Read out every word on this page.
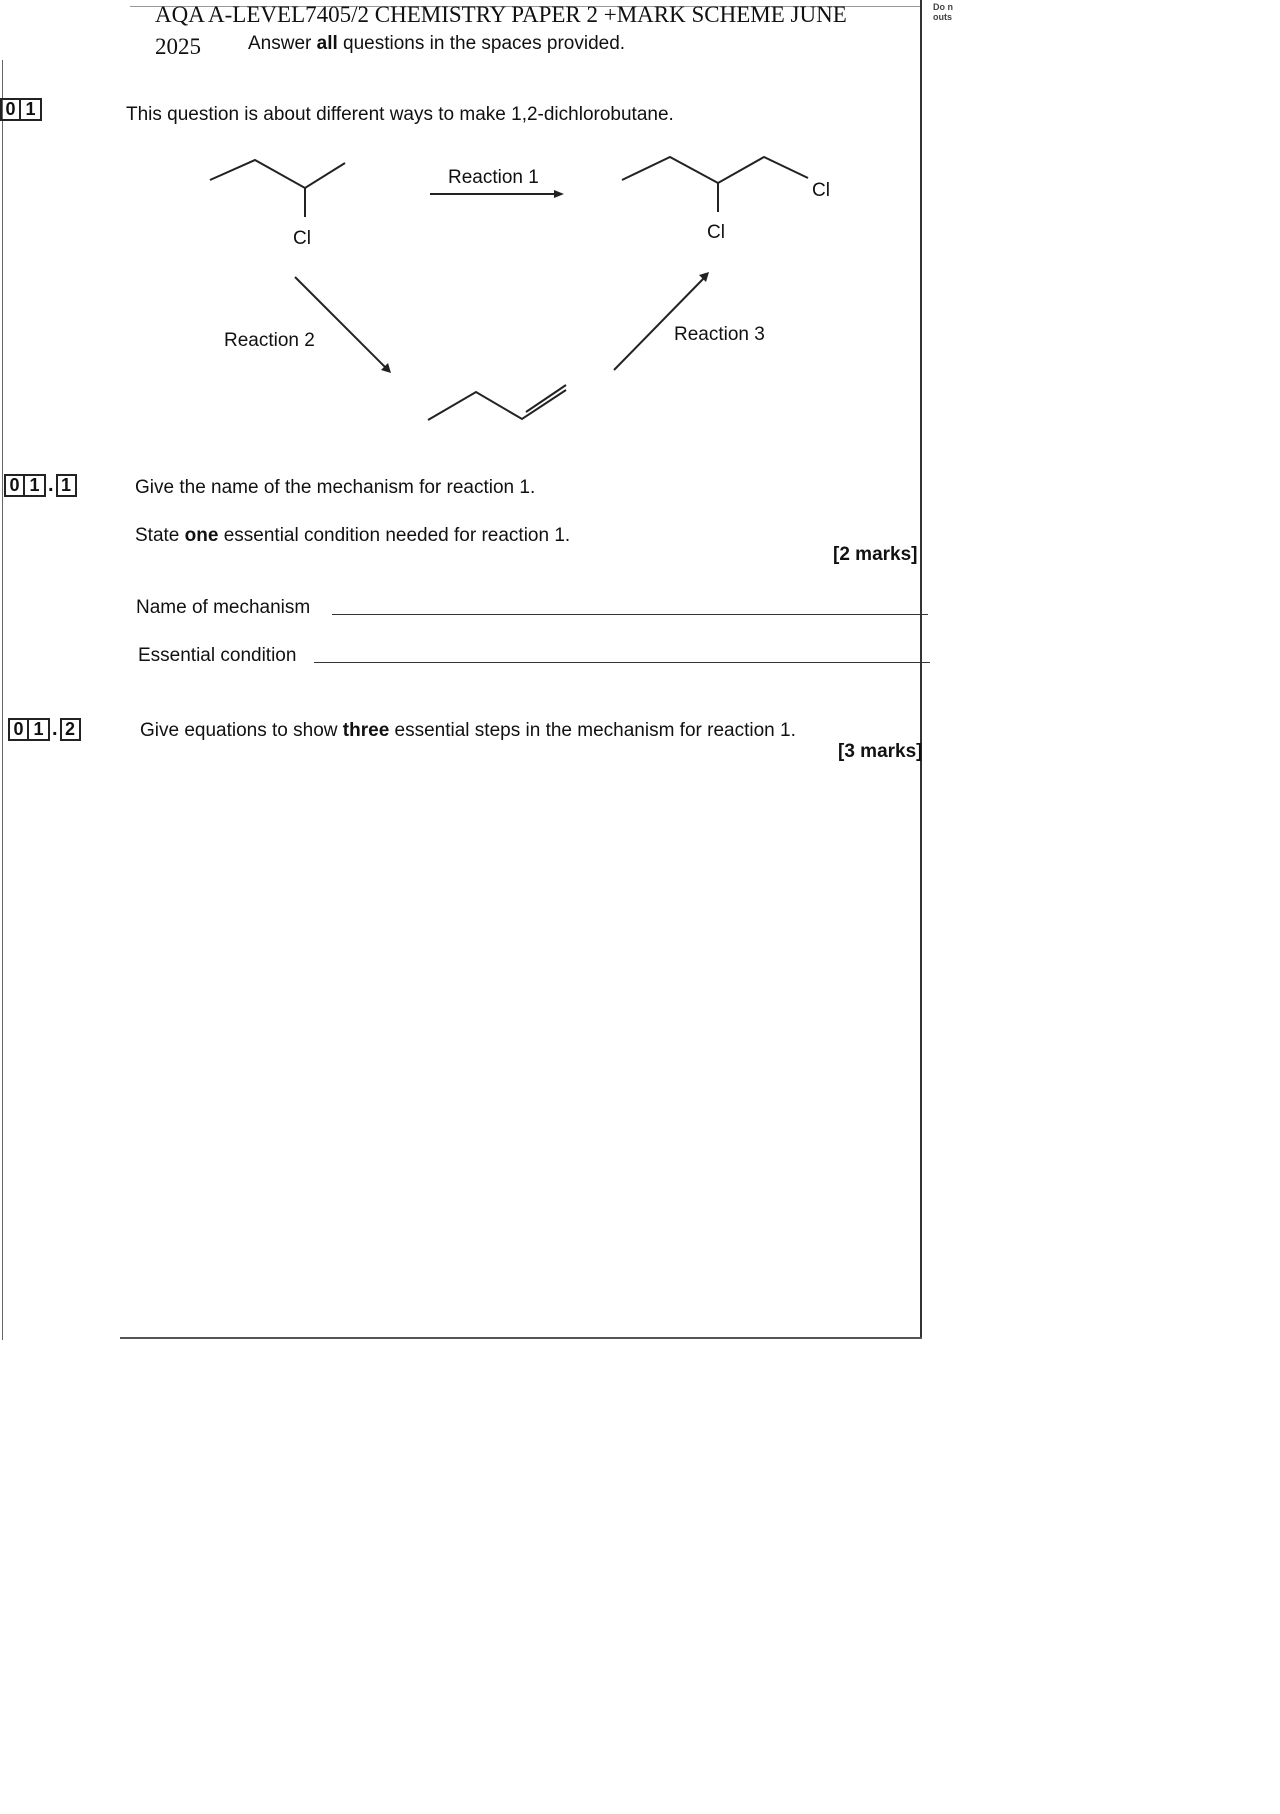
AQA A-LEVEL7405/2 CHEMISTRY PAPER 2 +MARK SCHEME JUNE
2025 Answer all questions in the spaces provided.
Do n
outs
0 1	This question is about different ways to make 1,2-dichlorobutane.
Cl	Cl
Cl
Reaction 1
Reaction 2	Reaction 3
0 1 . 1	Give the name of the mechanism for reaction 1.
State one essential condition needed for reaction 1.
[2 marks]
Name of mechanism
Essential condition
0 1 . 2	Give equations to show three essential steps in the mechanism for reaction 1.
[3 marks]
